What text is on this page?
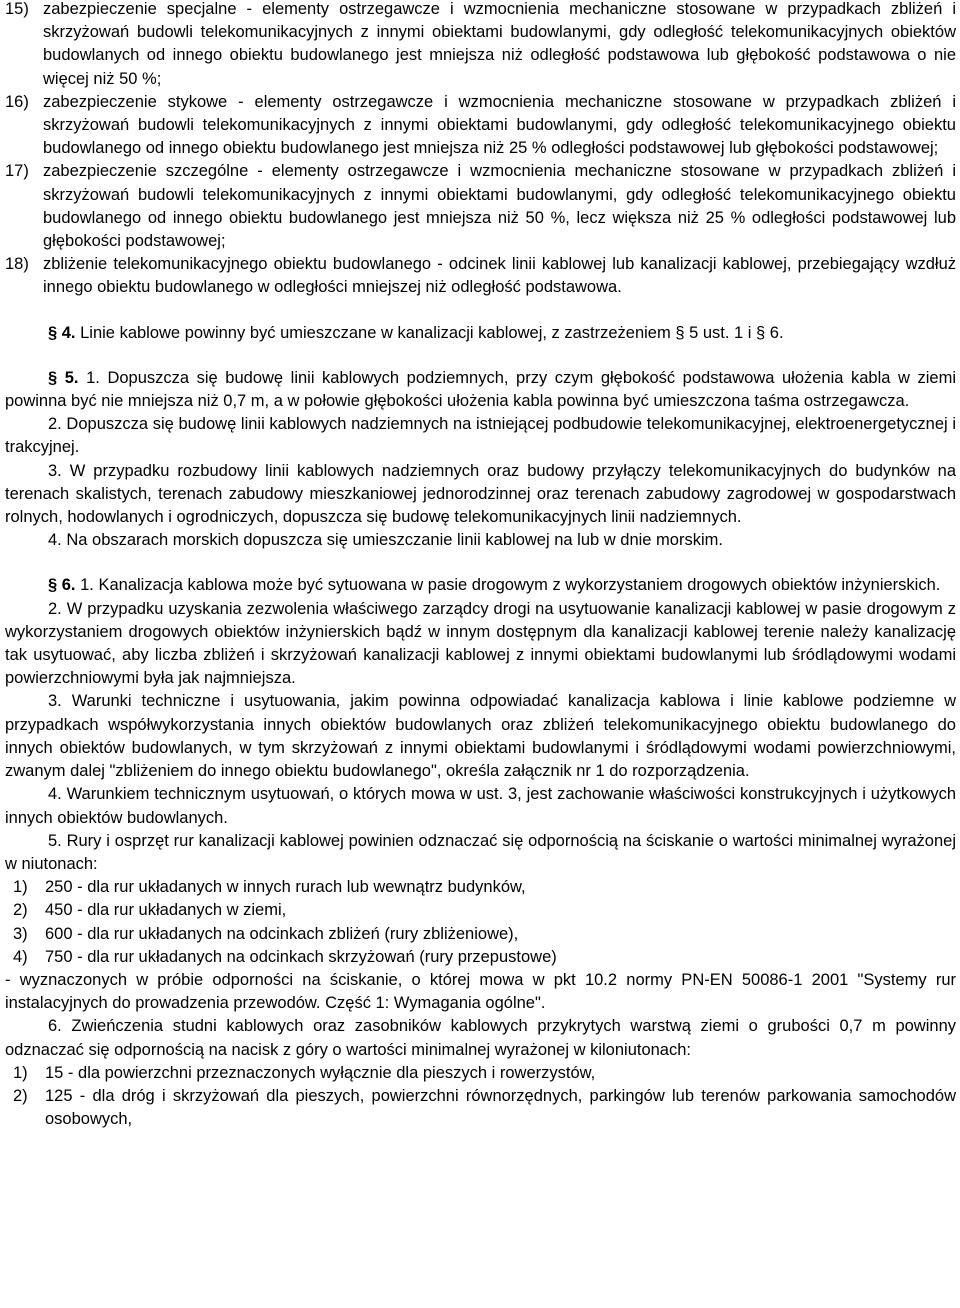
15) zabezpieczenie specjalne - elementy ostrzegawcze i wzmocnienia mechaniczne stosowane w przypadkach zbliżeń i skrzyżowań budowli telekomunikacyjnych z innymi obiektami budowlanymi, gdy odległość telekomunikacyjnych obiektów budowlanych od innego obiektu budowlanego jest mniejsza niż odległość podstawowa lub głębokość podstawowa o nie więcej niż 50 %;
16) zabezpieczenie stykowe - elementy ostrzegawcze i wzmocnienia mechaniczne stosowane w przypadkach zbliżeń i skrzyżowań budowli telekomunikacyjnych z innymi obiektami budowlanymi, gdy odległość telekomunikacyjnego obiektu budowlanego od innego obiektu budowlanego jest mniejsza niż 25 % odległości podstawowej lub głębokości podstawowej;
17) zabezpieczenie szczególne - elementy ostrzegawcze i wzmocnienia mechaniczne stosowane w przypadkach zbliżeń i skrzyżowań budowli telekomunikacyjnych z innymi obiektami budowlanymi, gdy odległość telekomunikacyjnego obiektu budowlanego od innego obiektu budowlanego jest mniejsza niż 50 %, lecz większa niż 25 % odległości podstawowej lub głębokości podstawowej;
18) zbliżenie telekomunikacyjnego obiektu budowlanego - odcinek linii kablowej lub kanalizacji kablowej, przebiegający wzdłuż innego obiektu budowlanego w odległości mniejszej niż odległość podstawowa.

§ 4. Linie kablowe powinny być umieszczane w kanalizacji kablowej, z zastrzeżeniem § 5 ust. 1 i § 6.

§ 5. 1. Dopuszcza się budowę linii kablowych podziemnych, przy czym głębokość podstawowa ułożenia kabla w ziemi powinna być nie mniejsza niż 0,7 m, a w połowie głębokości ułożenia kabla powinna być umieszczona taśma ostrzegawcza.

2. Dopuszcza się budowę linii kablowych nadziemnych na istniejącej podbudowie telekomunikacyjnej, elektroenergetycznej i trakcyjnej.

3. W przypadku rozbudowy linii kablowych nadziemnych oraz budowy przyłączy telekomunikacyjnych do budynków na terenach skalistych, terenach zabudowy mieszkaniowej jednorodzinnej oraz terenach zabudowy zagrodowej w gospodarstwach rolnych, hodowlanych i ogrodniczych, dopuszcza się budowę telekomunikacyjnych linii nadziemnych.

4. Na obszarach morskich dopuszcza się umieszczanie linii kablowej na lub w dnie morskim.

§ 6. 1. Kanalizacja kablowa może być sytuowana w pasie drogowym z wykorzystaniem drogowych obiektów inżynierskich.

2. W przypadku uzyskania zezwolenia właściwego zarządcy drogi na usytuowanie kanalizacji kablowej w pasie drogowym z wykorzystaniem drogowych obiektów inżynierskich bądź w innym dostępnym dla kanalizacji kablowej terenie należy kanalizację tak usytuować, aby liczba zbliżeń i skrzyżowań kanalizacji kablowej z innymi obiektami budowlanymi lub śródlądowymi wodami powierzchniowymi była jak najmniejsza.

3. Warunki techniczne i usytuowania, jakim powinna odpowiadać kanalizacja kablowa i linie kablowe podziemne w przypadkach współwykorzystania innych obiektów budowlanych oraz zbliżeń telekomunikacyjnego obiektu budowlanego do innych obiektów budowlanych, w tym skrzyżowań z innymi obiektami budowlanymi i śródlądowymi wodami powierzchniowymi, zwanym dalej "zbliżeniem do innego obiektu budowlanego", określa załącznik nr 1 do rozporządzenia.

4. Warunkiem technicznym usytuowań, o których mowa w ust. 3, jest zachowanie właściwości konstrukcyjnych i użytkowych innych obiektów budowlanych.

5. Rury i osprzęt rur kanalizacji kablowej powinien odznaczać się odpornością na ściskanie o wartości minimalnej wyrażonej w niutonach:

1)	250 - dla rur układanych w innych rurach lub wewnątrz budynków,
2)	450 - dla rur układanych w ziemi,
3)	600 - dla rur układanych na odcinkach zbliżeń (rury zbliżeniowe),
4)	750 - dla rur układanych na odcinkach skrzyżowań (rury przepustowe)

- wyznaczonych w próbie odporności na ściskanie, o której mowa w pkt 10.2 normy PN-EN 50086-1 2001 "Systemy rur instalacyjnych do prowadzenia przewodów. Część 1: Wymagania ogólne".

6. Zwieńczenia studni kablowych oraz zasobników kablowych przykrytych warstwą ziemi o grubości 0,7 m powinny odznaczać się odpornością na nacisk z góry o wartości minimalnej wyrażonej w kiloniutonach:

1)	15 - dla powierzchni przeznaczonych wyłącznie dla pieszych i rowerzystów,
2)	125 - dla dróg i skrzyżowań dla pieszych, powierzchni równorzędnych, parkingów lub terenów parkowania samochodów osobowych,
